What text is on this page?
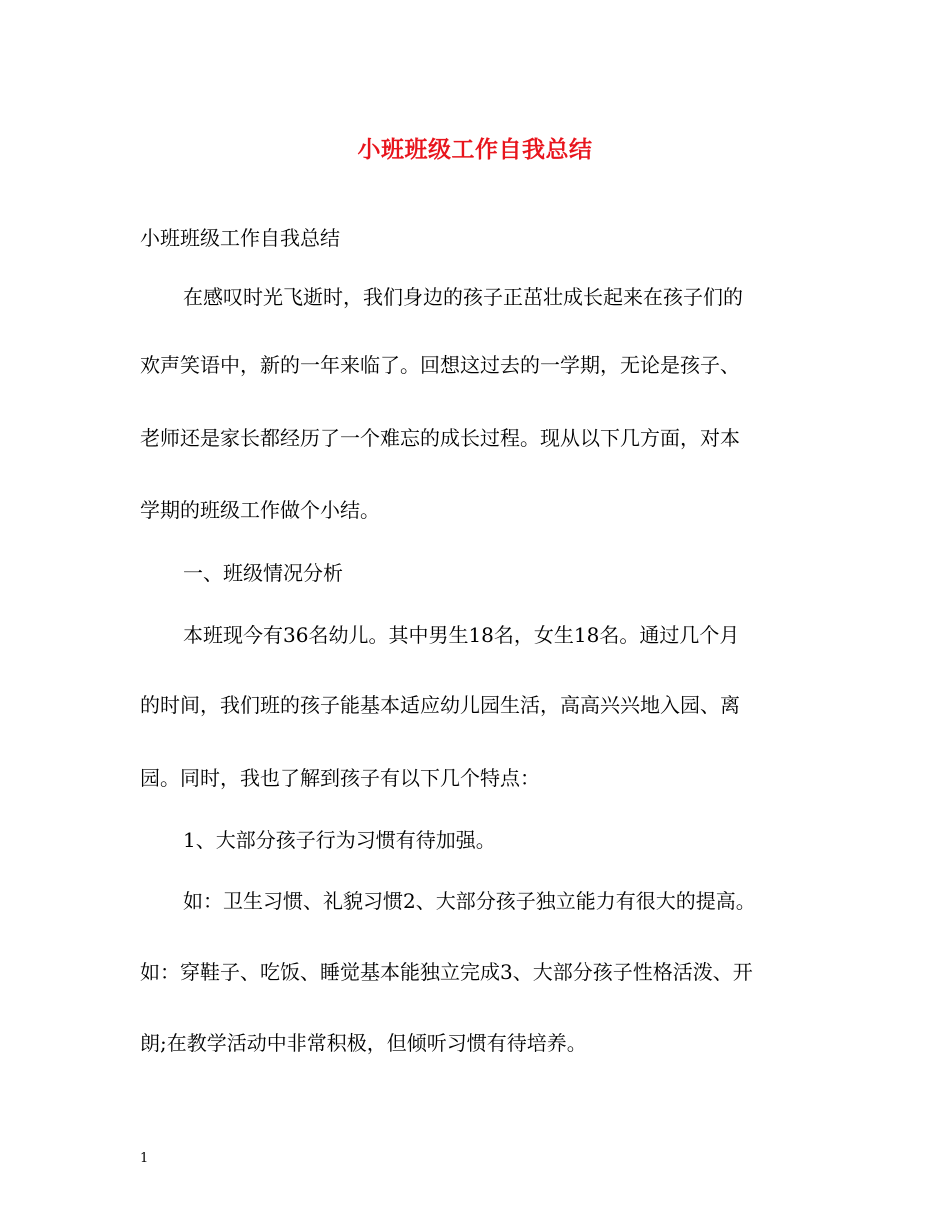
小班班级工作自我总结
小班班级工作自我总结
在感叹时光飞逝时，我们身边的孩子正茁壮成长起来在孩子们的
欢声笑语中，新的一年来临了。回想这过去的一学期，无论是孩子、
老师还是家长都经历了一个难忘的成长过程。现从以下几方面，对本
学期的班级工作做个小结。
一、班级情况分析
本班现今有36名幼儿。其中男生18名，女生18名。通过几个月
的时间，我们班的孩子能基本适应幼儿园生活，高高兴兴地入园、离
园。同时，我也了解到孩子有以下几个特点：
1、大部分孩子行为习惯有待加强。
如：卫生习惯、礼貌习惯2、大部分孩子独立能力有很大的提高。
如：穿鞋子、吃饭、睡觉基本能独立完成3、大部分孩子性格活泼、开
朗;在教学活动中非常积极，但倾听习惯有待培养。
1
